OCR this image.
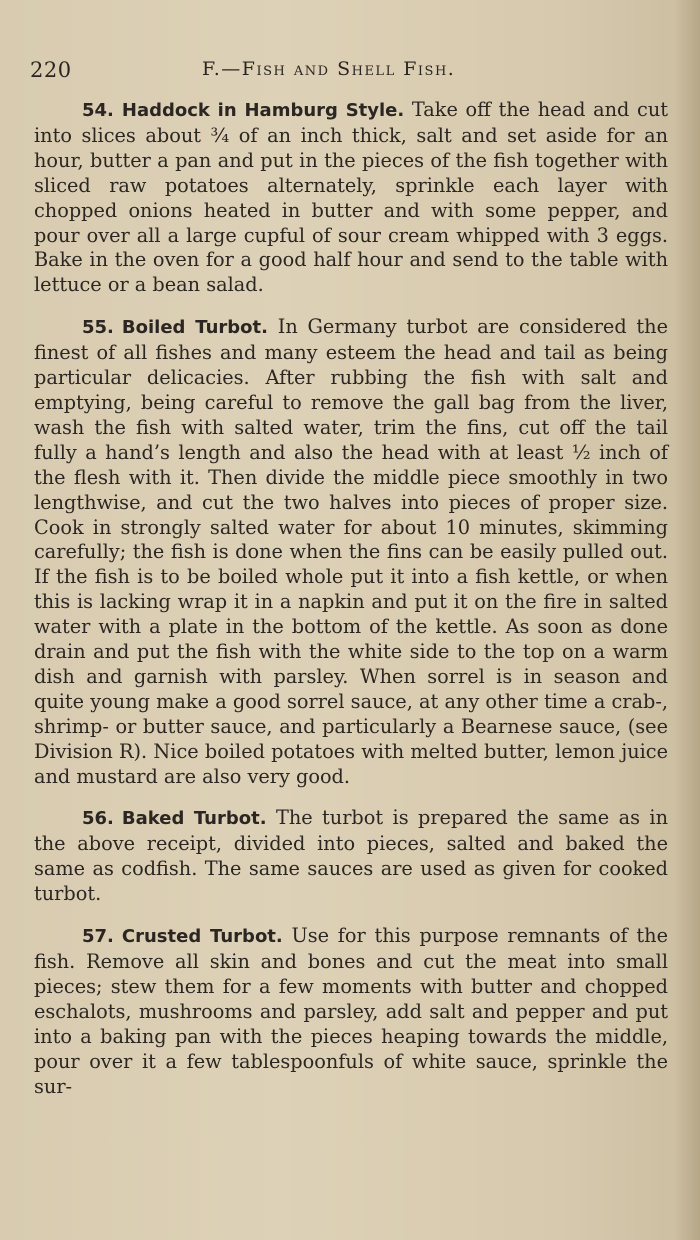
220	F.—Fish and Shell Fish.

54. Haddock in Hamburg Style. Take off the head and cut into slices about ¾ of an inch thick, salt and set aside for an hour, butter a pan and put in the pieces of the fish together with sliced raw potatoes alternately, sprinkle each layer with chopped onions heated in butter and with some pepper, and pour over all a large cupful of sour cream whipped with 3 eggs. Bake in the oven for a good half hour and send to the table with lettuce or a bean salad.

55. Boiled Turbot. In Germany turbot are considered the finest of all fishes and many esteem the head and tail as being particular delicacies. After rubbing the fish with salt and emptying, being careful to remove the gall bag from the liver, wash the fish with salted water, trim the fins, cut off the tail fully a hand’s length and also the head with at least ½ inch of the flesh with it. Then divide the middle piece smoothly in two lengthwise, and cut the two halves into pieces of proper size. Cook in strongly salted water for about 10 minutes, skimming carefully; the fish is done when the fins can be easily pulled out. If the fish is to be boiled whole put it into a fish kettle, or when this is lacking wrap it in a napkin and put it on the fire in salted water with a plate in the bottom of the kettle. As soon as done drain and put the fish with the white side to the top on a warm dish and garnish with parsley. When sorrel is in season and quite young make a good sorrel sauce, at any other time a crab-, shrimp- or butter sauce, and particularly a Bearnese sauce, (see Division R). Nice boiled potatoes with melted butter, lemon juice and mustard are also very good.

56. Baked Turbot. The turbot is prepared the same as in the above receipt, divided into pieces, salted and baked the same as codfish. The same sauces are used as given for cooked turbot.

57. Crusted Turbot. Use for this purpose remnants of the fish. Remove all skin and bones and cut the meat into small pieces; stew them for a few moments with butter and chopped eschalots, mushrooms and parsley, add salt and pepper and put into a baking pan with the pieces heaping towards the middle, pour over it a few tablespoonfuls of white sauce, sprinkle the sur-
